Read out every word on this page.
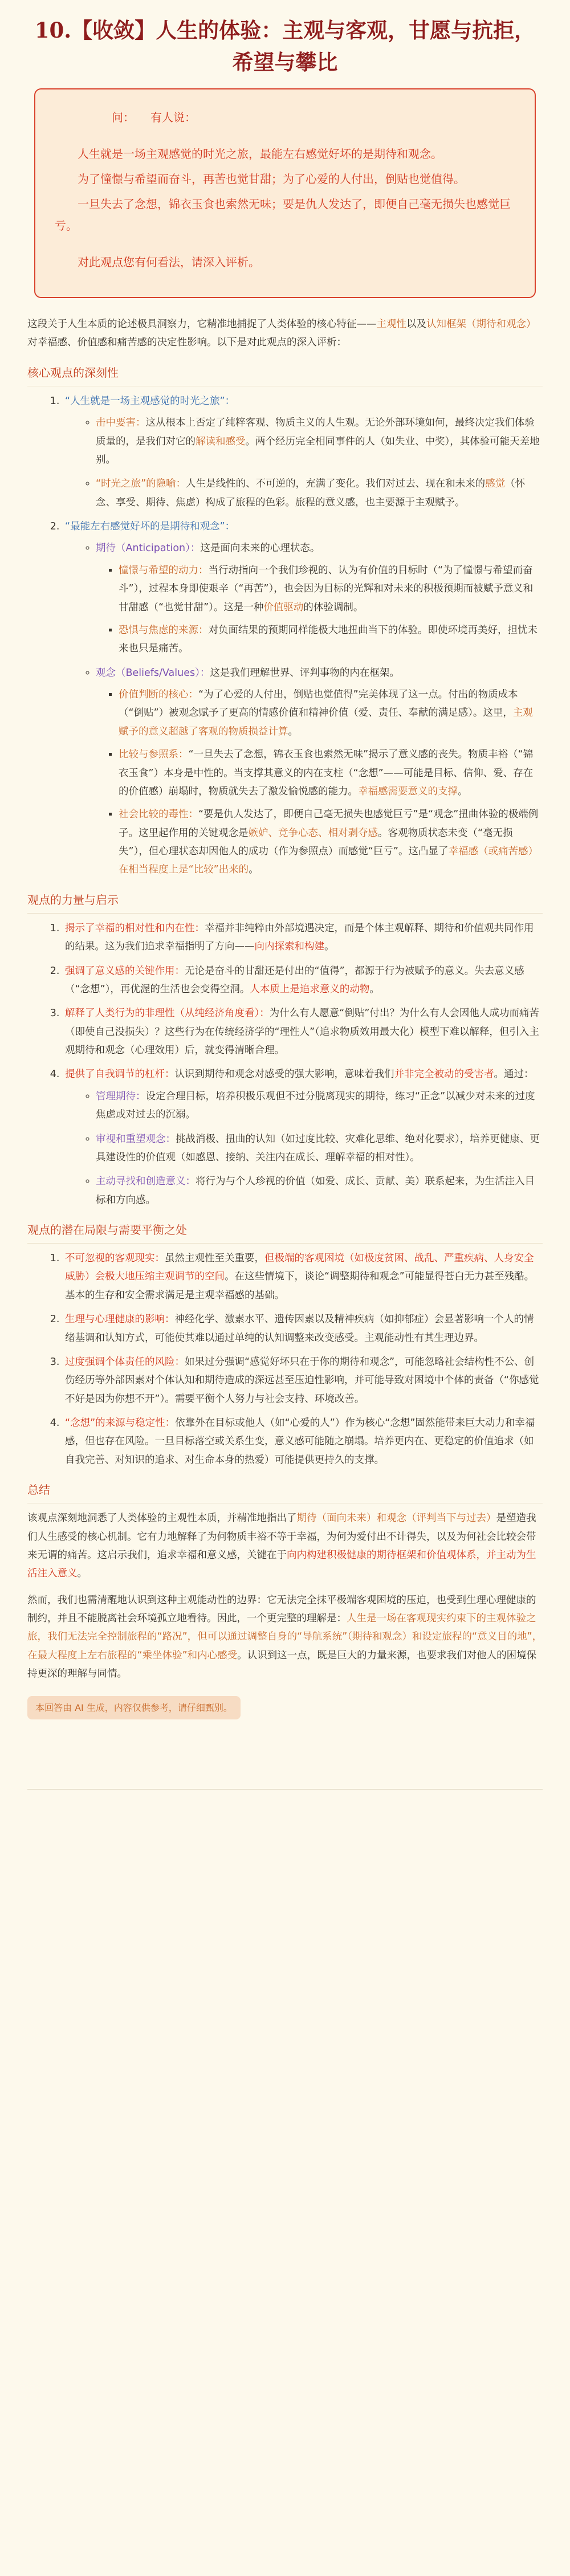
10.【收敛】人生的体验：主观与客观，甘愿与抗拒，希望与攀比
问： 有人说：

人生就是一场主观感觉的时光之旅，最能左右感觉好坏的是期待和观念。

为了憧憬与希望而奋斗，再苦也觉甘甜；为了心爱的人付出，倒贴也觉值得。

一旦失去了念想，锦衣玉食也索然无味；要是仇人发达了，即便自己毫无损失也感觉巨亏。

对此观点您有何看法，请深入评析。

这段关于人生本质的论述极具洞察力，它精准地捕捉了人类体验的核心特征——主观性以及认知框架（期待和观念）对幸福感、价值感和痛苦感的决定性影响。以下是对此观点的深入评析：

核心观点的深刻性
1. “人生就是一场主观感觉的时光之旅”：
◦ 击中要害：这从根本上否定了纯粹客观、物质主义的人生观。无论外部环境如何，最终决定我们体验质量的，是我们对它的解读和感受。两个经历完全相同事件的人（如失业、中奖），其体验可能天差地别。
◦ “时光之旅”的隐喻：人生是线性的、不可逆的，充满了变化。我们对过去、现在和未来的感觉（怀念、享受、期待、焦虑）构成了旅程的色彩。旅程的意义感，也主要源于主观赋予。
2. “最能左右感觉好坏的是期待和观念”：
◦ 期待（Anticipation）：这是面向未来的心理状态。
▪ 憧憬与希望的动力：当行动指向一个我们珍视的、认为有价值的目标时（“为了憧憬与希望而奋斗”），过程本身即使艰辛（“再苦”），也会因为目标的光辉和对未来的积极预期而被赋予意义和甘甜感（“也觉甘甜”）。这是一种价值驱动的体验调制。
▪ 恐惧与焦虑的来源：对负面结果的预期同样能极大地扭曲当下的体验。即使环境再美好，担忧未来也只是痛苦。
◦ 观念（Beliefs/Values）：这是我们理解世界、评判事物的内在框架。
▪ 价值判断的核心：“为了心爱的人付出，倒贴也觉值得”完美体现了这一点。付出的物质成本（“倒贴”）被观念赋予了更高的情感价值和精神价值（爱、责任、奉献的满足感）。这里，主观赋予的意义超越了客观的物质损益计算。
▪ 比较与参照系：“一旦失去了念想，锦衣玉食也索然无味”揭示了意义感的丧失。物质丰裕（“锦衣玉食”）本身是中性的。当支撑其意义的内在支柱（“念想”——可能是目标、信仰、爱、存在的价值感）崩塌时，物质就失去了激发愉悦感的能力。幸福感需要意义的支撑。
▪ 社会比较的毒性：“要是仇人发达了，即便自己毫无损失也感觉巨亏”是“观念”扭曲体验的极端例子。这里起作用的关键观念是嫉妒、竞争心态、相对剥夺感。客观物质状态未变（“毫无损失”），但心理状态却因他人的成功（作为参照点）而感觉“巨亏”。这凸显了幸福感（或痛苦感）在相当程度上是“比较”出来的。
观点的力量与启示
1. 揭示了幸福的相对性和内在性：幸福并非纯粹由外部境遇决定，而是个体主观解释、期待和价值观共同作用的结果。这为我们追求幸福指明了方向——向内探索和构建。
2. 强调了意义感的关键作用：无论是奋斗的甘甜还是付出的“值得”，都源于行为被赋予的意义。失去意义感（“念想”），再优渥的生活也会变得空洞。人本质上是追求意义的动物。
3. 解释了人类行为的非理性（从纯经济角度看）：为什么有人愿意“倒贴”付出？为什么有人会因他人成功而痛苦（即使自己没损失）？这些行为在传统经济学的“理性人”（追求物质效用最大化）模型下难以解释，但引入主观期待和观念（心理效用）后，就变得清晰合理。
4. 提供了自我调节的杠杆：认识到期待和观念对感受的强大影响，意味着我们并非完全被动的受害者。通过：
◦ 管理期待：设定合理目标，培养积极乐观但不过分脱离现实的期待，练习“正念”以减少对未来的过度焦虑或对过去的沉溺。
◦ 审视和重塑观念：挑战消极、扭曲的认知（如过度比较、灾难化思维、绝对化要求），培养更健康、更具建设性的价值观（如感恩、接纳、关注内在成长、理解幸福的相对性）。
◦ 主动寻找和创造意义：将行为与个人珍视的价值（如爱、成长、贡献、美）联系起来，为生活注入目标和方向感。
观点的潜在局限与需要平衡之处
1. 不可忽视的客观现实：虽然主观性至关重要，但极端的客观困境（如极度贫困、战乱、严重疾病、人身安全威胁）会极大地压缩主观调节的空间。在这些情境下，谈论“调整期待和观念”可能显得苍白无力甚至残酷。基本的生存和安全需求满足是主观幸福感的基础。
2. 生理与心理健康的影响：神经化学、激素水平、遗传因素以及精神疾病（如抑郁症）会显著影响一个人的情绪基调和认知方式，可能使其难以通过单纯的认知调整来改变感受。主观能动性有其生理边界。
3. 过度强调个体责任的风险：如果过分强调“感觉好坏只在于你的期待和观念”，可能忽略社会结构性不公、创伤经历等外部因素对个体认知和期待造成的深远甚至压迫性影响，并可能导致对困境中个体的责备（“你感觉不好是因为你想不开”）。需要平衡个人努力与社会支持、环境改善。
4. “念想”的来源与稳定性：依靠外在目标或他人（如“心爱的人”）作为核心“念想”固然能带来巨大动力和幸福感，但也存在风险。一旦目标落空或关系生变，意义感可能随之崩塌。培养更内在、更稳定的价值追求（如自我完善、对知识的追求、对生命本身的热爱）可能提供更持久的支撑。
总结

该观点深刻地洞悉了人类体验的主观性本质，并精准地指出了期待（面向未来）和观念（评判当下与过去）是塑造我们人生感受的核心机制。它有力地解释了为何物质丰裕不等于幸福，为何为爱付出不计得失，以及为何社会比较会带来无谓的痛苦。这启示我们，追求幸福和意义感，关键在于向内构建积极健康的期待框架和价值观体系，并主动为生活注入意义。

然而，我们也需清醒地认识到这种主观能动性的边界：它无法完全抹平极端客观困境的压迫，也受到生理心理健康的制约，并且不能脱离社会环境孤立地看待。因此，一个更完整的理解是：人生是一场在客观现实约束下的主观体验之旅，我们无法完全控制旅程的“路况”，但可以通过调整自身的“导航系统”（期待和观念）和设定旅程的“意义目的地”，在最大程度上左右旅程的“乘坐体验”和内心感受。认识到这一点，既是巨大的力量来源，也要求我们对他人的困境保持更深的理解与同情。

本回答由 AI 生成，内容仅供参考，请仔细甄别。
